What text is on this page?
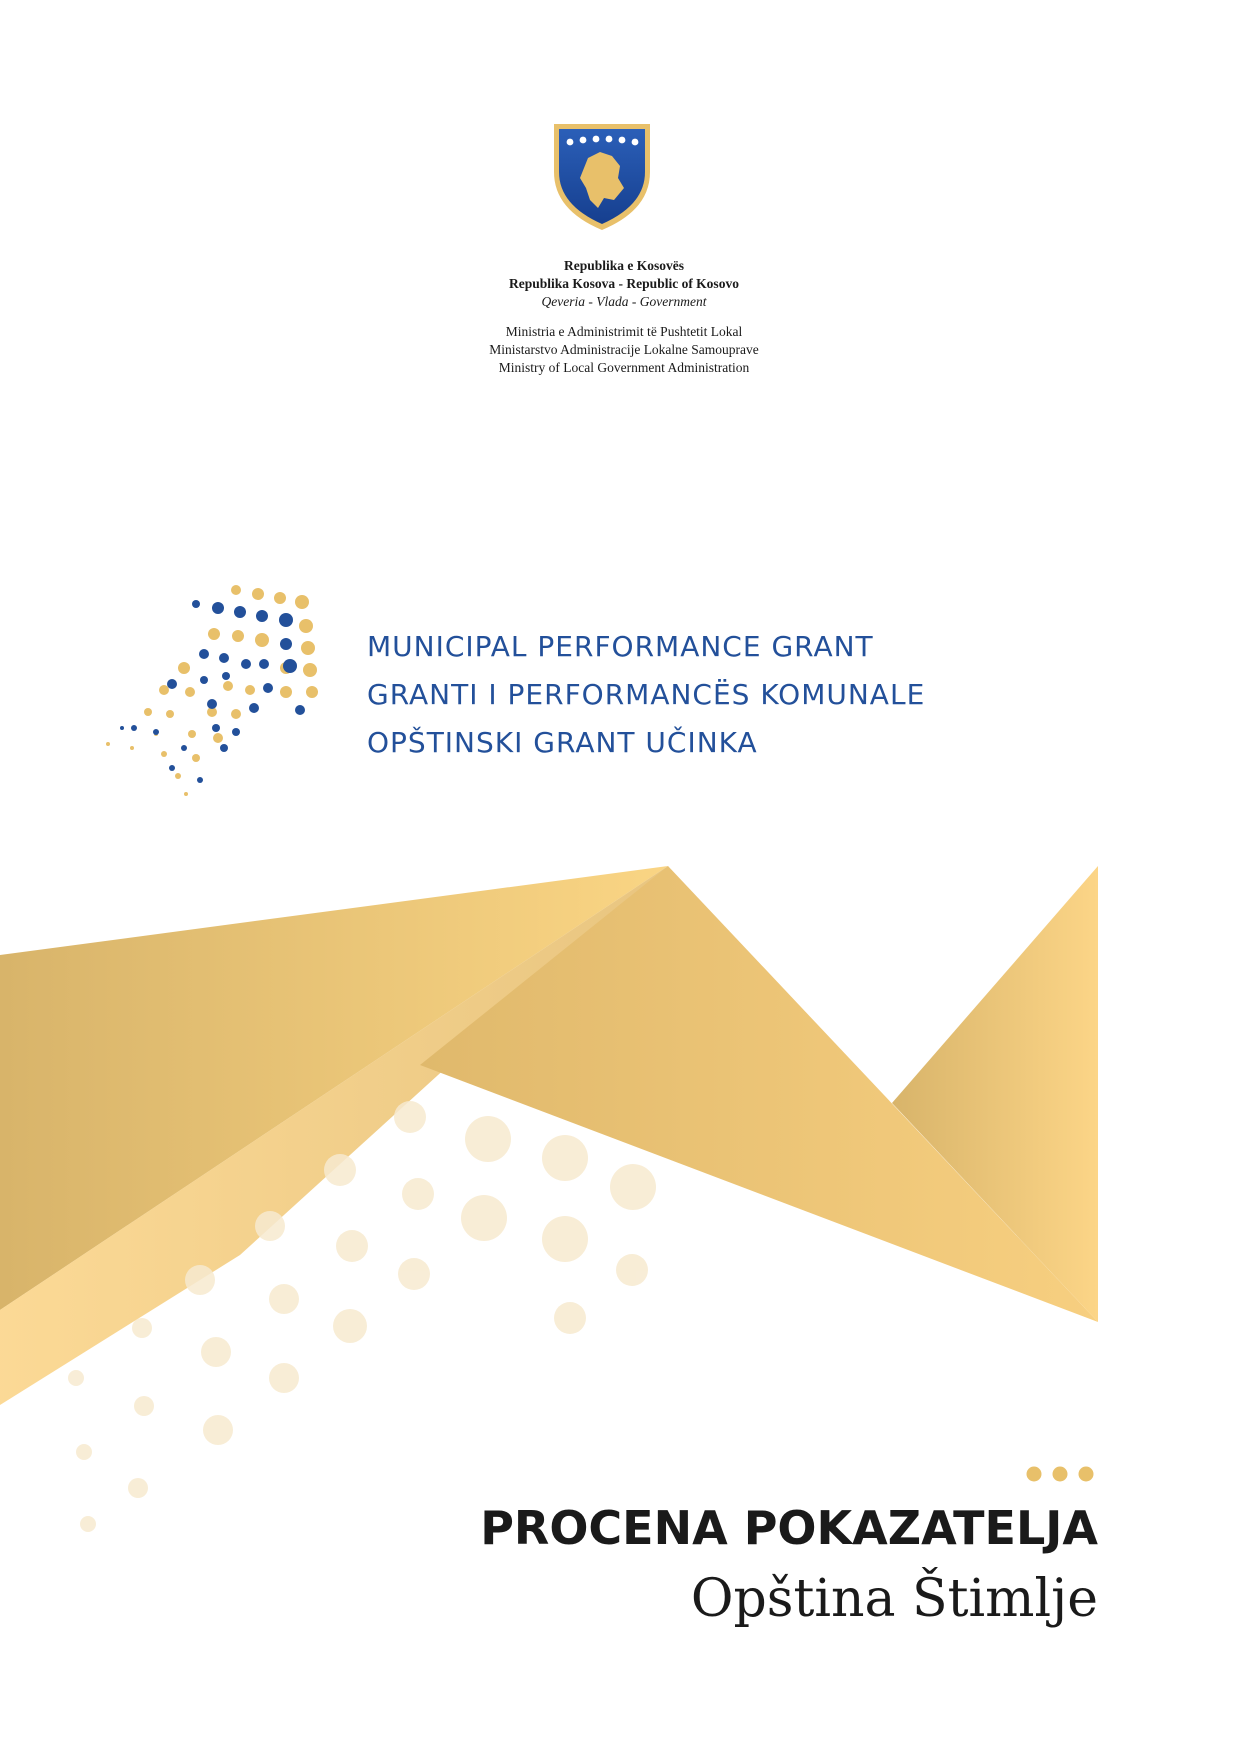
Republika e Kosovës
Republika Kosova - Republic of Kosovo
Qeveria - Vlada - Government
Ministria e Administrimit të Pushtetit Lokal
Ministarstvo Administracije Lokalne Samouprave
Ministry of Local Government Administration
MUNICIPAL PERFORMANCE GRANT
GRANTI I PERFORMANCËS KOMUNALE
OPŠTINSKI GRANT UČINKA
PROCENA POKAZATELJA
Opština Štimlje
